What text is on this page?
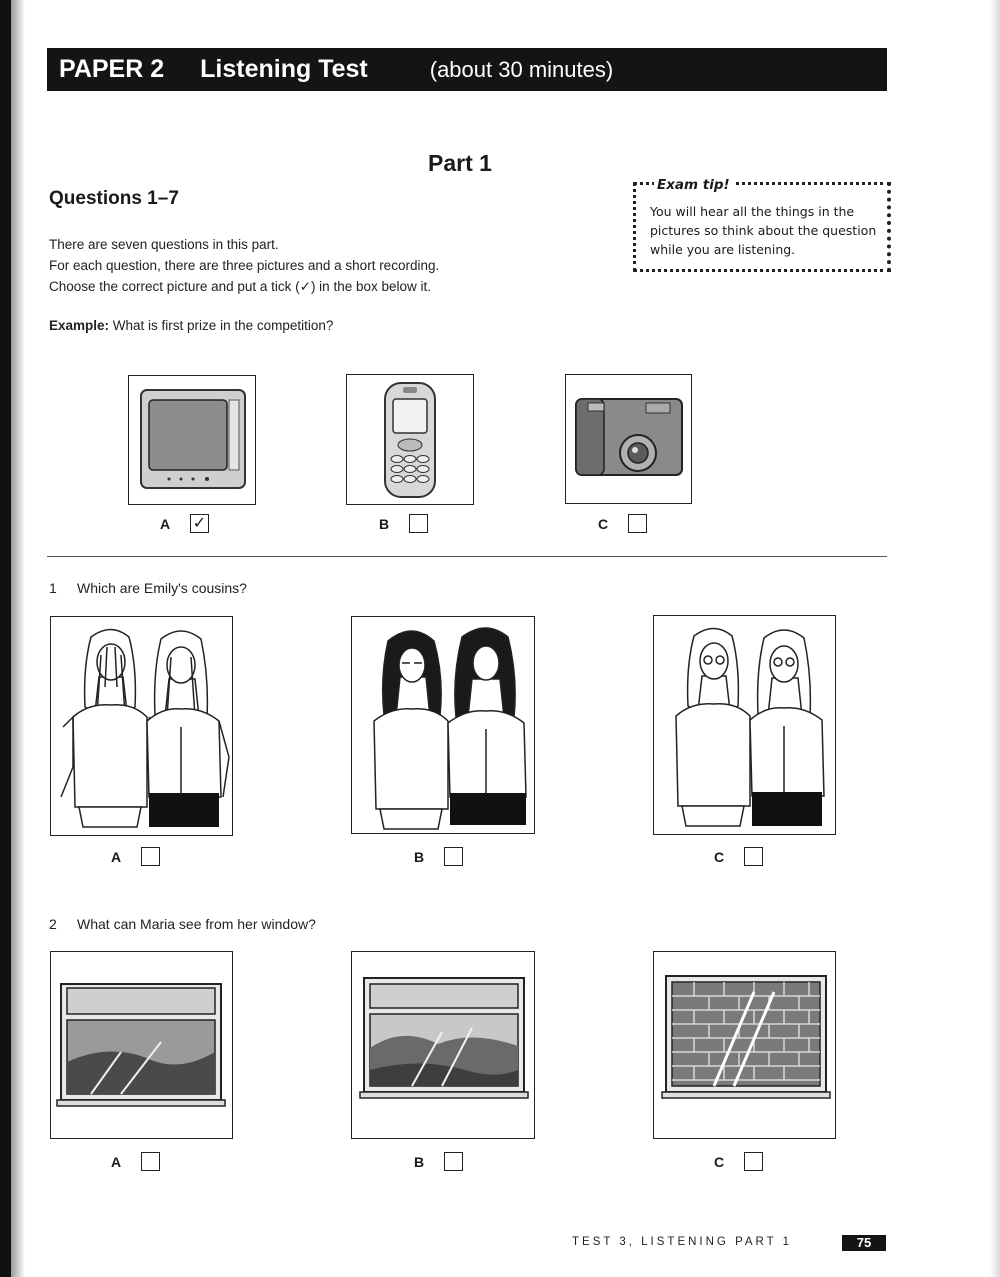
PAPER 2 Listening Test	(about 30 minutes)
Part 1
Questions 1–7
There are seven questions in this part.
For each question, there are three pictures and a short recording.
Choose the correct picture and put a tick (✓) in the box below it.
Exam tip!
You will hear all the things in the pictures so think about the question while you are listening.
Example: What is first prize in the competition?
A	✓	B	C
1 Which are Emily's cousins?
A	B	C
2 What can Maria see from her window?
A	B	C
TEST 3, LISTENING PART 1	75
